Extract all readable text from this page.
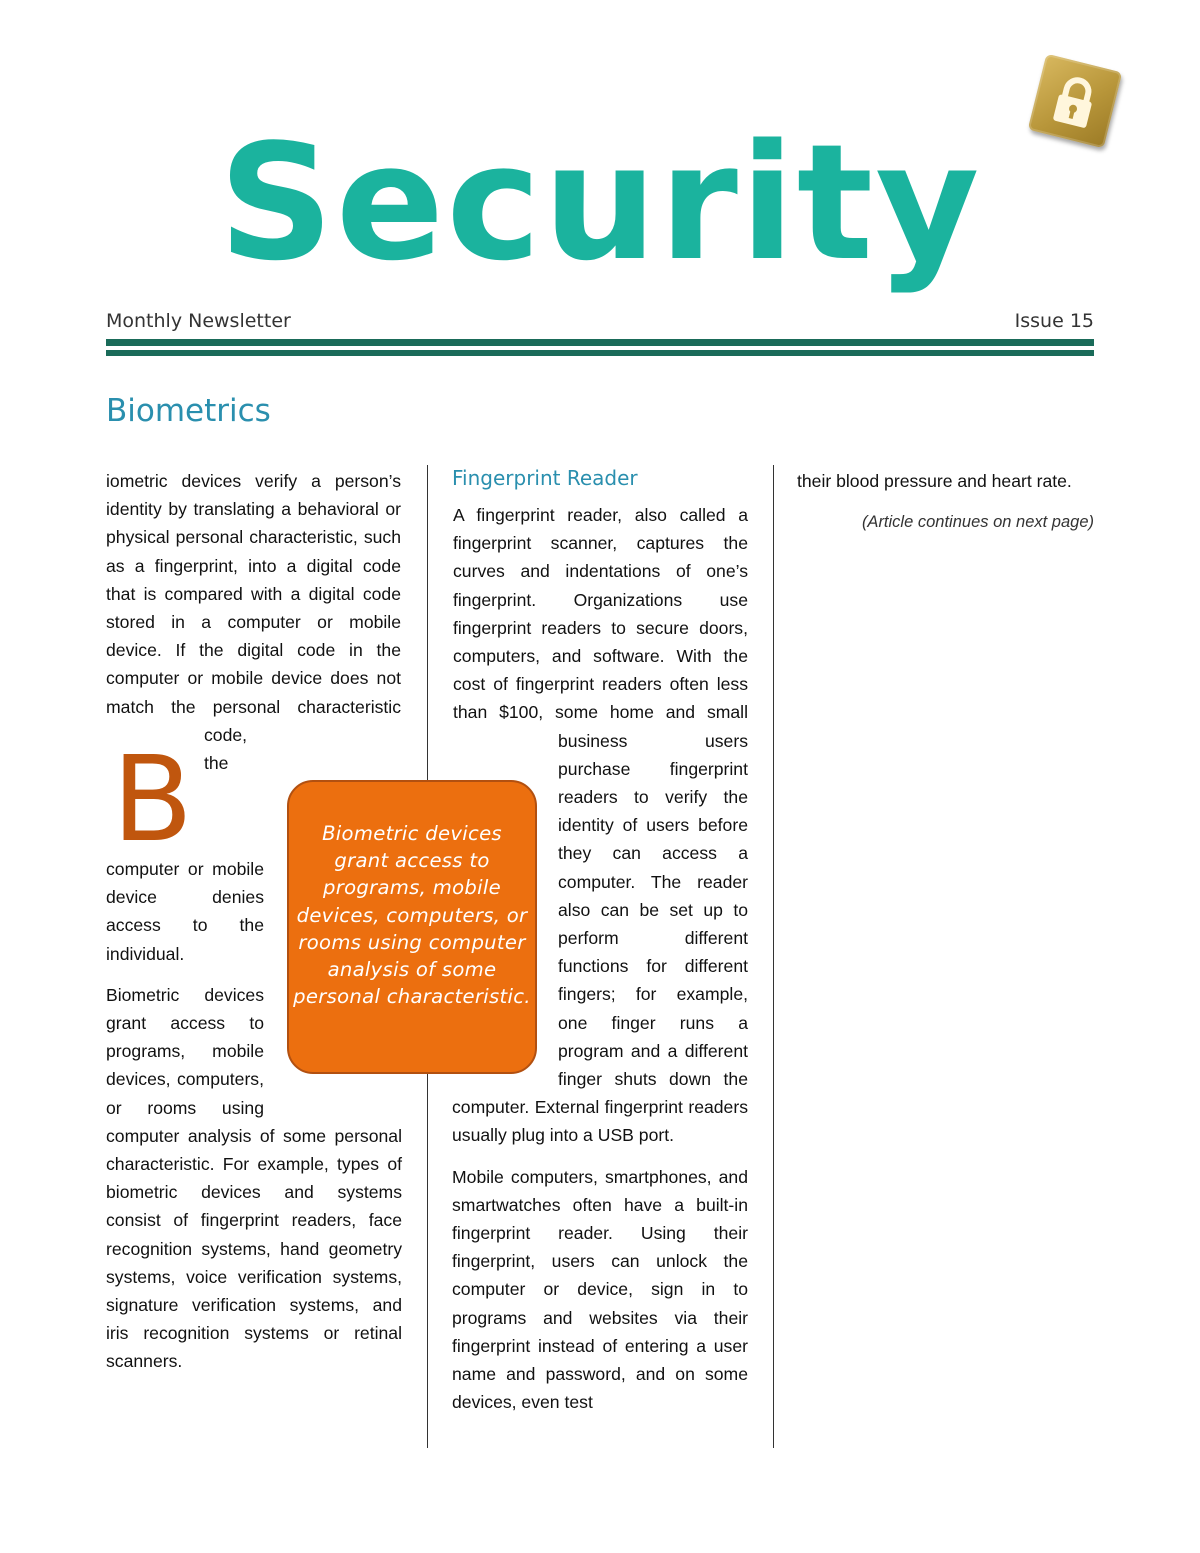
Security
Monthly Newsletter	Issue 15
Biometrics

B
iometric devices verify a person’s identity by translating a behavioral or physical personal characteristic, such as a fingerprint, into a digital code that is compared with a digital code stored in a computer or mobile device. If the digital code in the computer or mobile device does not match the personal characteristic code, the computer or mobile device denies access to the individual.

Biometric devices grant access to programs, mobile devices, computers, or rooms using computer analysis of some personal characteristic. For example, types of biometric devices and systems consist of fingerprint readers, face recognition systems, hand geometry systems, voice verification systems, signature verification systems, and iris recognition systems or retinal scanners.

Fingerprint Reader

A fingerprint reader, also called a fingerprint scanner, captures the curves and indentations of one’s fingerprint. Organizations use fingerprint readers to secure doors, computers, and software. With the cost of fingerprint readers often less than $100, some home and small business users purchase fingerprint readers to verify the identity of users before they can access a computer. The reader also can be set up to perform different functions for different fingers; for example, one finger runs a program and a different finger shuts down the computer. External fingerprint readers usually plug into a USB port.

Mobile computers, smartphones, and smartwatches often have a built-in fingerprint reader. Using their fingerprint, users can unlock the computer or device, sign in to programs and websites via their fingerprint instead of entering a user name and password, and on some devices, even test

their blood pressure and heart rate.

(Article continues on next page)

Biometric devices grant access to programs, mobile devices, computers, or rooms using computer analysis of some personal characteristic.
